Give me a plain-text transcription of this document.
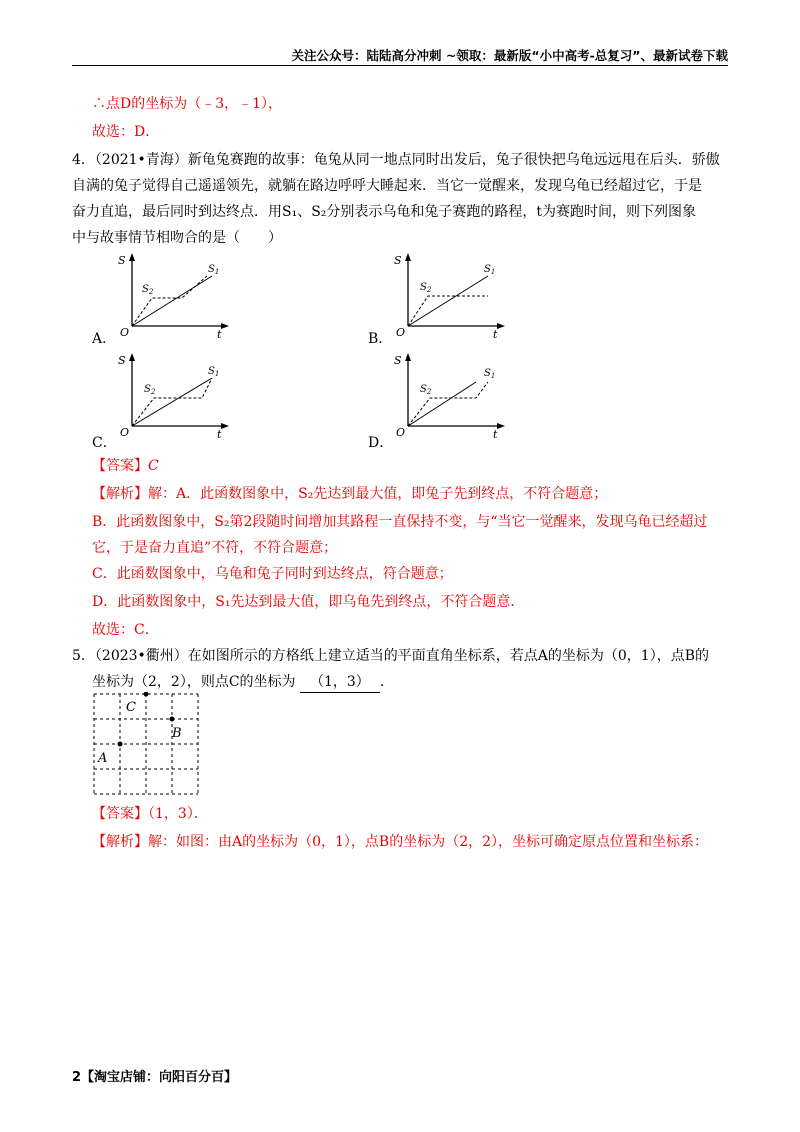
关注公众号：陆陆高分冲刺 ~领取：最新版“小中高考-总复习”、最新试卷下载
∴点D的坐标为（﹣3，﹣1），
故选：D．
4．（2021•青海）新龟兔赛跑的故事：龟兔从同一地点同时出发后，兔子很快把乌龟远远甩在后头．骄傲
自满的兔子觉得自己遥遥领先，就躺在路边呼呼大睡起来．当它一觉醒来，发现乌龟已经超过它，于是
奋力直追，最后同时到达终点．用S₁、S₂分别表示乌龟和兔子赛跑的路程，t为赛跑时间，则下列图象
中与故事情节相吻合的是（　　）
S
t
O
$S_2$
$S_1$
A．
S
t
O
$S_2$
$S_1$
B．
S
t
O
$S_2$
$S_1$
C．
S
t
O
$S_2$
$S_1$
D．
【答案】C
【解析】解：A．此函数图象中，S₂先达到最大值，即兔子先到终点，不符合题意；
B．此函数图象中，S₂第2段随时间增加其路程一直保持不变，与“当它一觉醒来，发现乌龟已经超过
它，于是奋力直追”不符，不符合题意；
C．此函数图象中，乌龟和兔子同时到达终点，符合题意；
D．此函数图象中，S₁先达到最大值，即乌龟先到终点，不符合题意．
故选：C．
5．（2023•衢州）在如图所示的方格纸上建立适当的平面直角坐标系，若点A的坐标为（0，1），点B的
坐标为（2，2），则点C的坐标为 （1，3） ．
C
B
A
【答案】（1，3）．
【解析】解：如图：由A的坐标为（0，1），点B的坐标为（2，2），坐标可确定原点位置和坐标系：
2【淘宝店铺：向阳百分百】
